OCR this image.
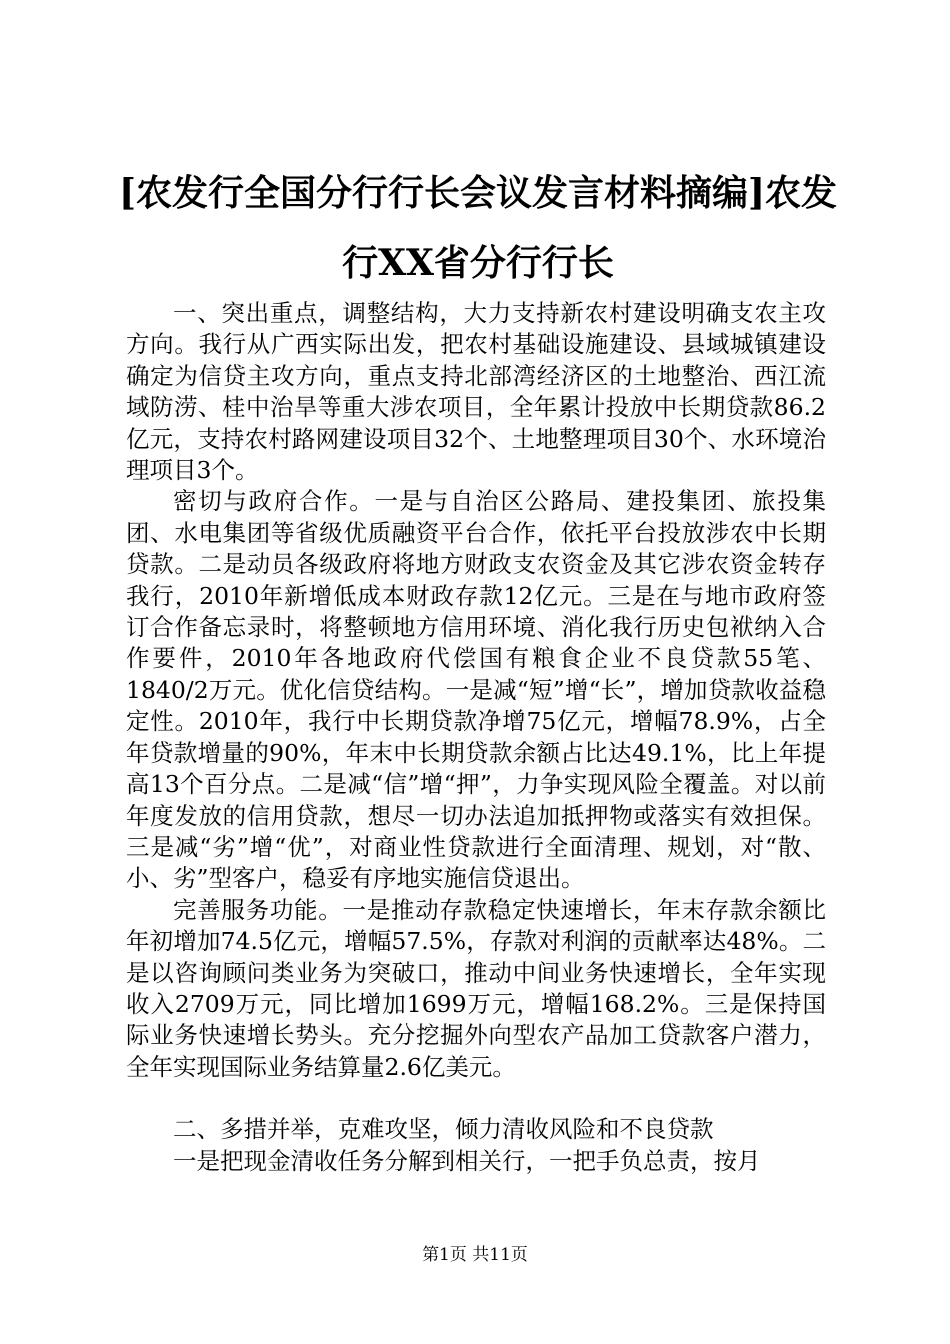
[农发行全国分行行长会议发言材料摘编]农发行XX省分行行长

一、突出重点，调整结构，大力支持新农村建设明确支农主攻方向。我行从广西实际出发，把农村基础设施建设、县域城镇建设确定为信贷主攻方向，重点支持北部湾经济区的土地整治、西江流域防涝、桂中治旱等重大涉农项目，全年累计投放中长期贷款86.2亿元，支持农村路网建设项目32个、土地整理项目30个、水环境治理项目3个。

密切与政府合作。一是与自治区公路局、建投集团、旅投集团、水电集团等省级优质融资平台合作，依托平台投放涉农中长期贷款。二是动员各级政府将地方财政支农资金及其它涉农资金转存我行，2010年新增低成本财政存款12亿元。三是在与地市政府签订合作备忘录时，将整顿地方信用环境、消化我行历史包袱纳入合作要件，2010年各地政府代偿国有粮食企业不良贷款55笔、1840/2万元。优化信贷结构。一是减“短”增“长”，增加贷款收益稳定性。2010年，我行中长期贷款净增75亿元，增幅78.9%，占全年贷款增量的90%，年末中长期贷款余额占比达49.1%，比上年提高13个百分点。二是减“信”增“押”，力争实现风险全覆盖。对以前年度发放的信用贷款，想尽一切办法追加抵押物或落实有效担保。三是减“劣”增“优”，对商业性贷款进行全面清理、规划，对“散、小、劣”型客户，稳妥有序地实施信贷退出。

完善服务功能。一是推动存款稳定快速增长，年末存款余额比年初增加74.5亿元，增幅57.5%，存款对利润的贡献率达48%。二是以咨询顾问类业务为突破口，推动中间业务快速增长，全年实现收入2709万元，同比增加1699万元，增幅168.2%。三是保持国际业务快速增长势头。充分挖掘外向型农产品加工贷款客户潜力，全年实现国际业务结算量2.6亿美元。

二、多措并举，克难攻坚，倾力清收风险和不良贷款

一是把现金清收任务分解到相关行，一把手负总责，按月

第1页 共11页
